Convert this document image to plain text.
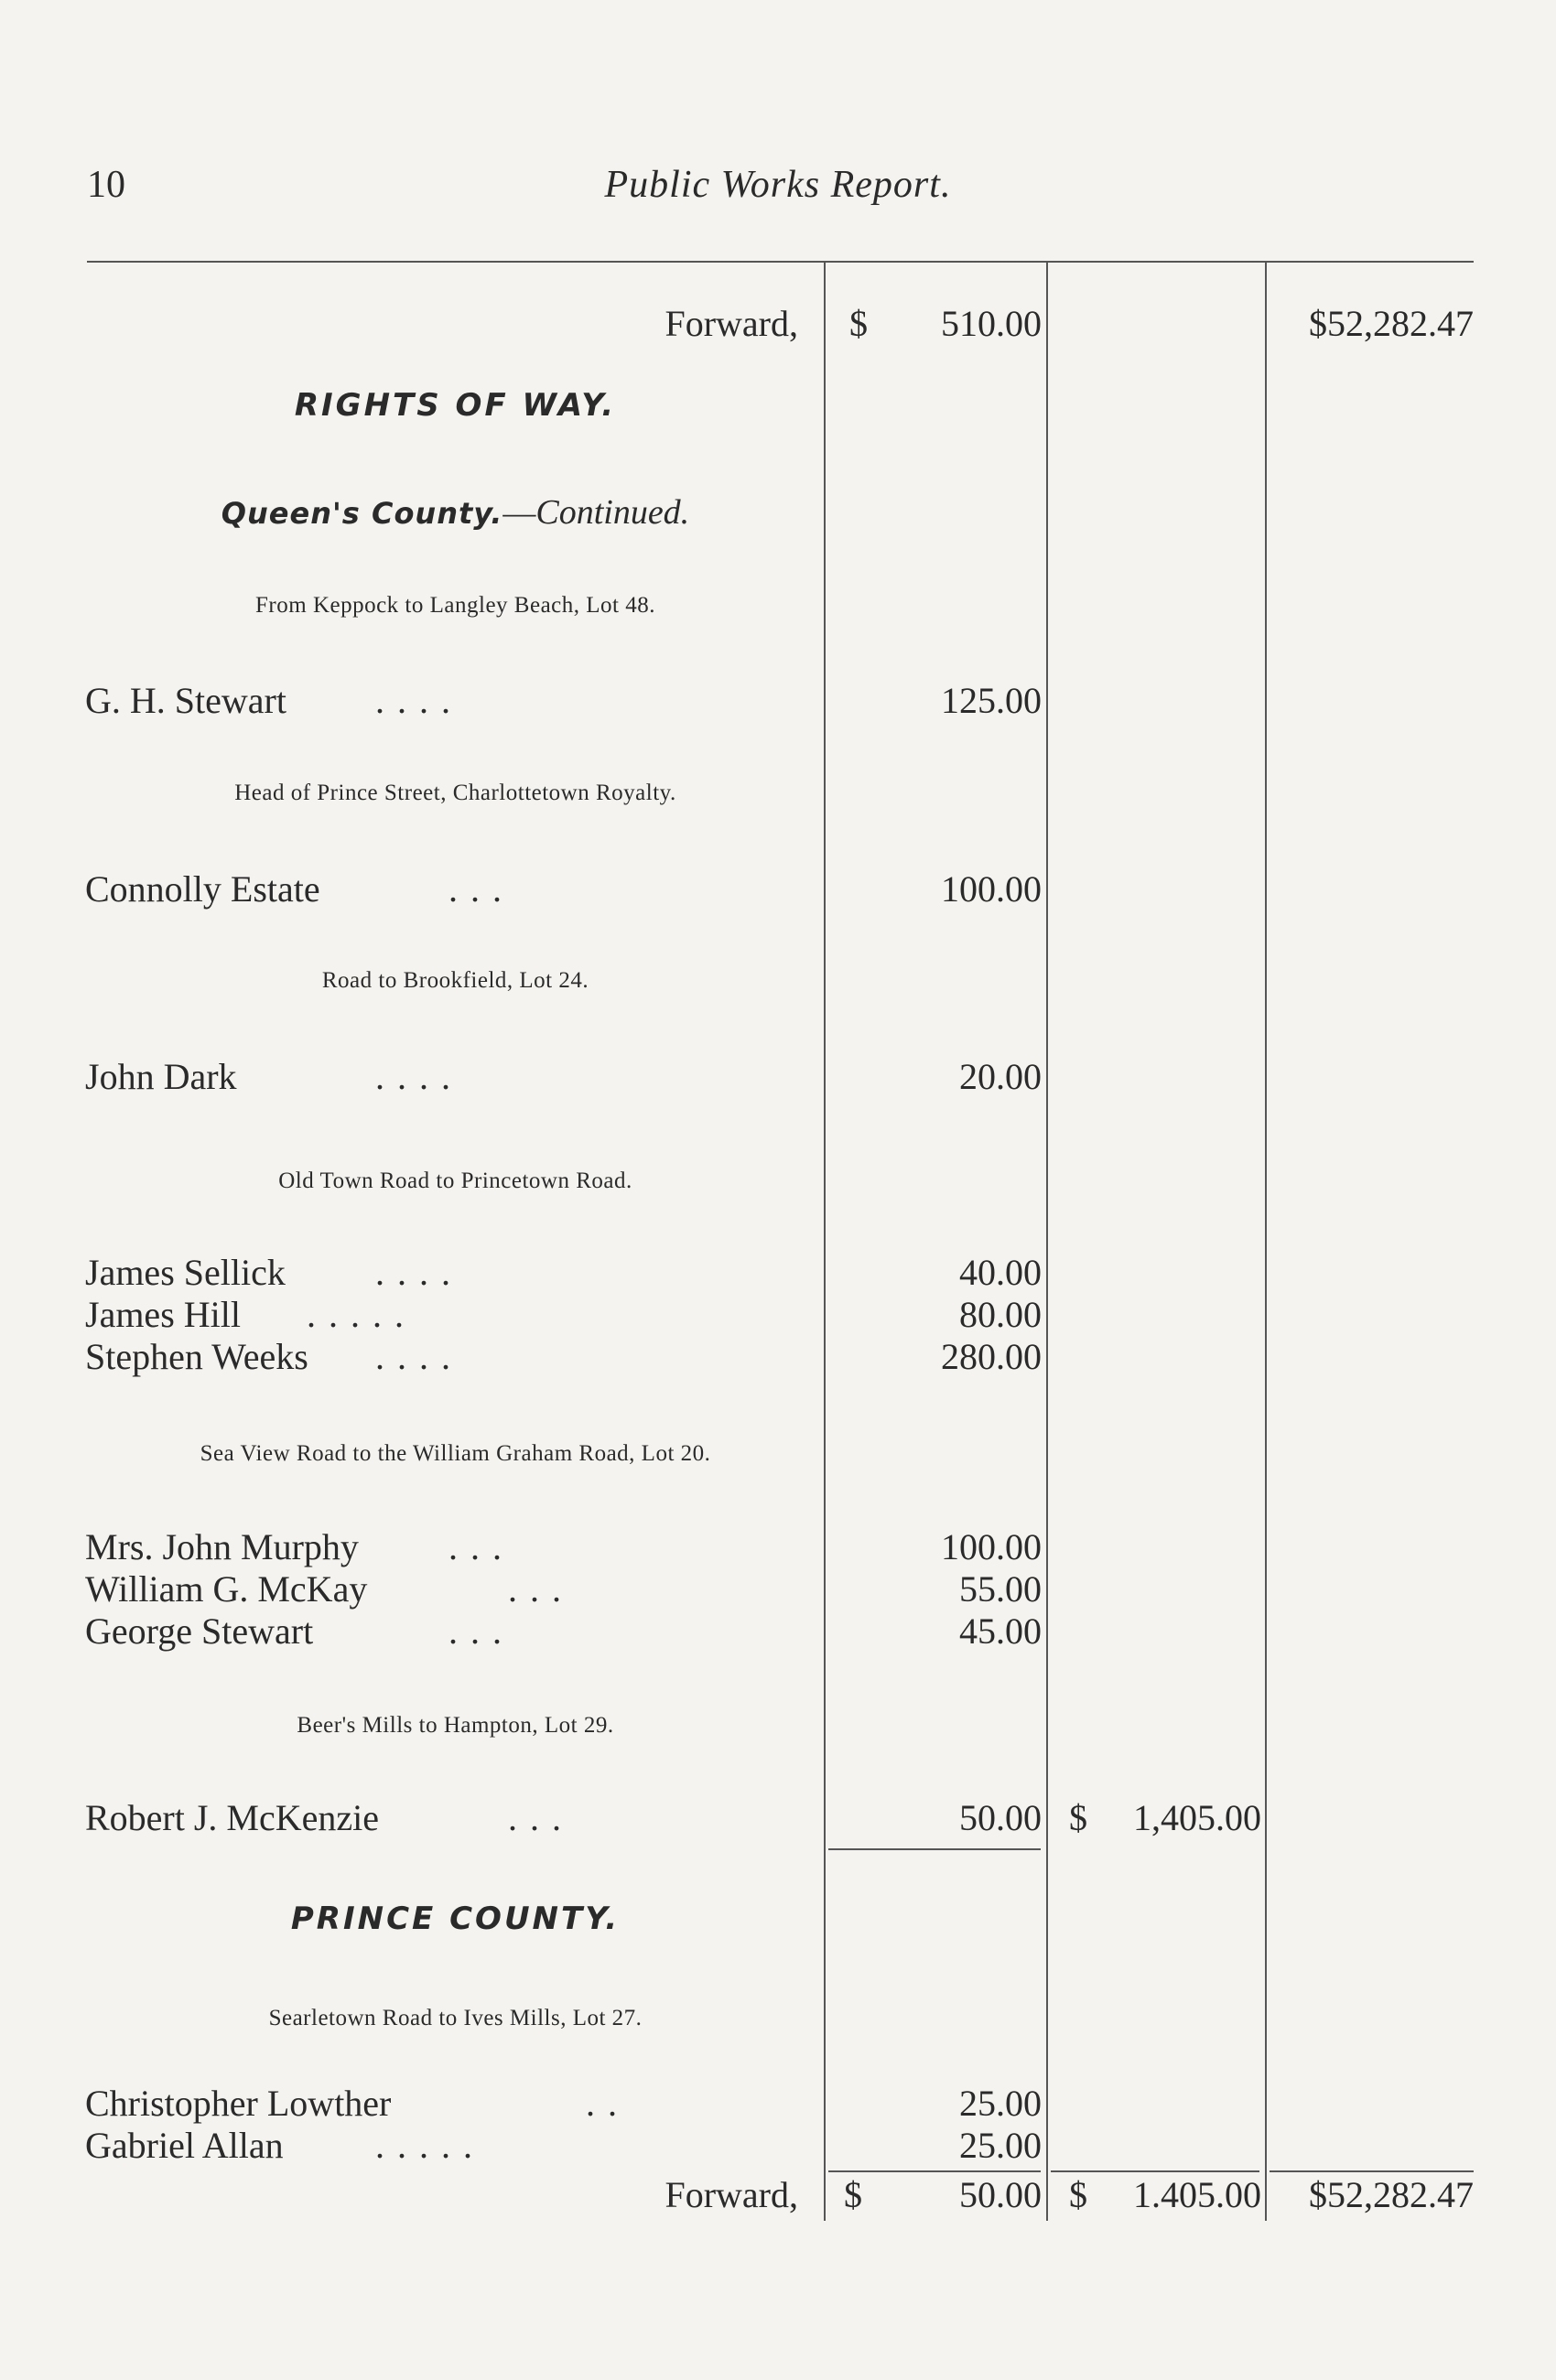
10	Public Works Report.
Forward, $ 510.00	$52,282.47
RIGHTS OF WAY.
Queen's County.—Continued.
From Keppock to Langley Beach, Lot 48.
G. H. Stewart	. . . .	125.00
Head of Prince Street, Charlottetown Royalty.
Connolly Estate	. . .	100.00
Road to Brookfield, Lot 24.
John Dark	. . . .	20.00
Old Town Road to Princetown Road.
James Sellick	. . . .	40.00
James Hill	. . . . .	80.00
Stephen Weeks	. . . .	280.00
Sea View Road to the William Graham Road, Lot 20.
Mrs. John Murphy	. . .	100.00
William G. McKay	. . .	55.00
George Stewart	. . .	45.00
Beer's Mills to Hampton, Lot 29.
Robert J. McKenzie	. . .	50.00 $ 1,405.00
PRINCE COUNTY.
Searletown Road to Ives Mills, Lot 27.
Christopher Lowther	. .	25.00
Gabriel Allan	. . . . .	25.00
Forward, $	50.00 $ 1.405.00 $52,282.47
